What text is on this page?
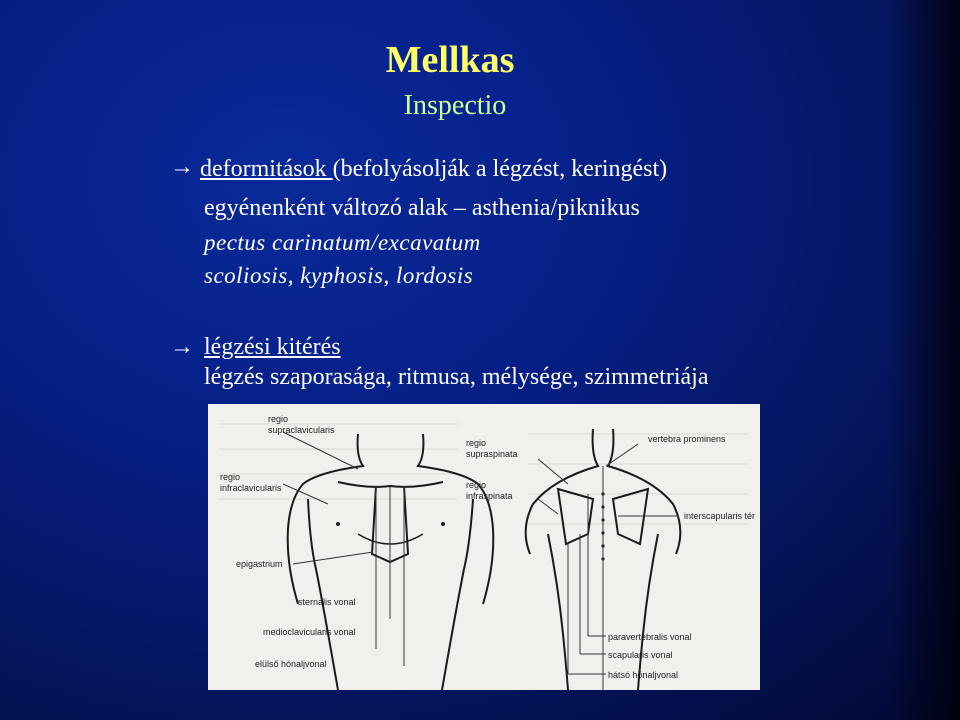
Mellkas
Inspectio
→ deformitások (befolyásolják a légzést, keringést)
egyénenként változó alak – asthenia/piknikus
pectus carinatum/excavatum
scoliosis, kyphosis, lordosis
→ légzési kitérés
légzés szaporasága, ritmusa, mélysége, szimmetriája
regio
supraclavicularis
regio
infraclavicularis
epigastrium
sternalis vonal
medioclavicularis vonal
elülső hónaljvonal
regio
supraspinata
regio
infraspinata
vertebra prominens
interscapularis tér
paravertebralis vonal
scapularis vonal
hátsó hónaljvonal
